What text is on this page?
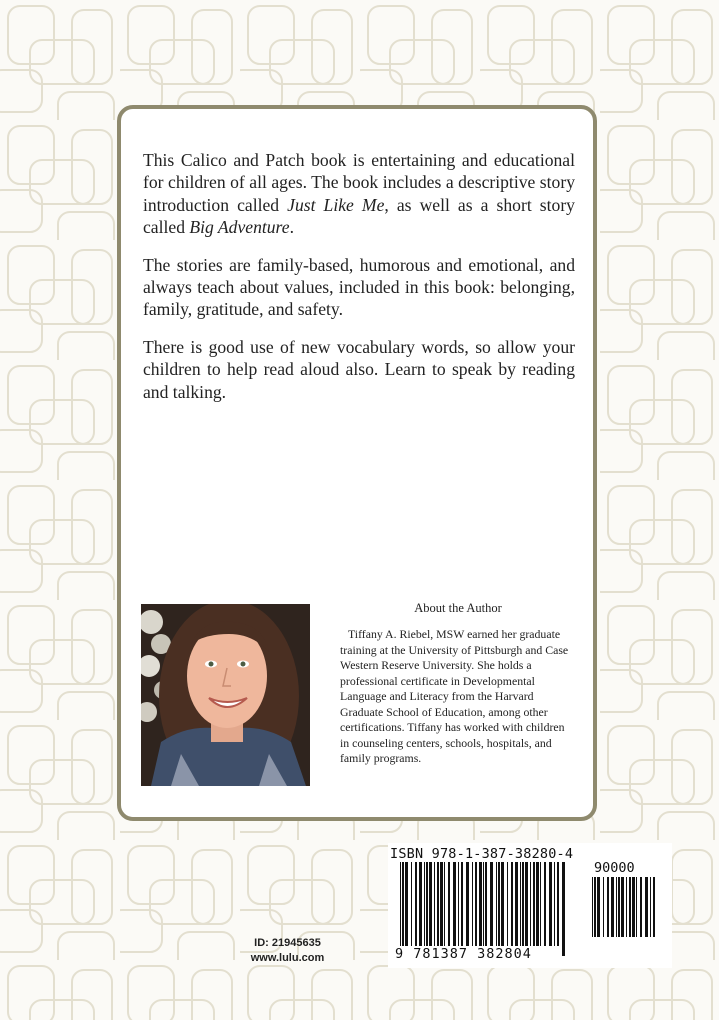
This Calico and Patch book is entertaining and educational for children of all ages. The book includes a descriptive story introduction called Just Like Me, as well as a short story called Big Adventure.

The stories are family-based, humorous and emotional, and always teach about values, included in this book: belonging, family, gratitude, and safety.

There is good use of new vocabulary words, so allow your children to help read aloud also. Learn to speak by reading and talking.

About the Author

Tiffany A. Riebel, MSW earned her graduate training at the University of Pittsburgh and Case Western Reserve University. She holds a professional certificate in Developmental Language and Literacy from the Harvard Graduate School of Education, among other certifications. Tiffany has worked with children in counseling centers, schools, hospitals, and family programs.

ID: 21945635
www.lulu.com
ISBN 978-1-387-38280-4
90000
9 781387 382804
